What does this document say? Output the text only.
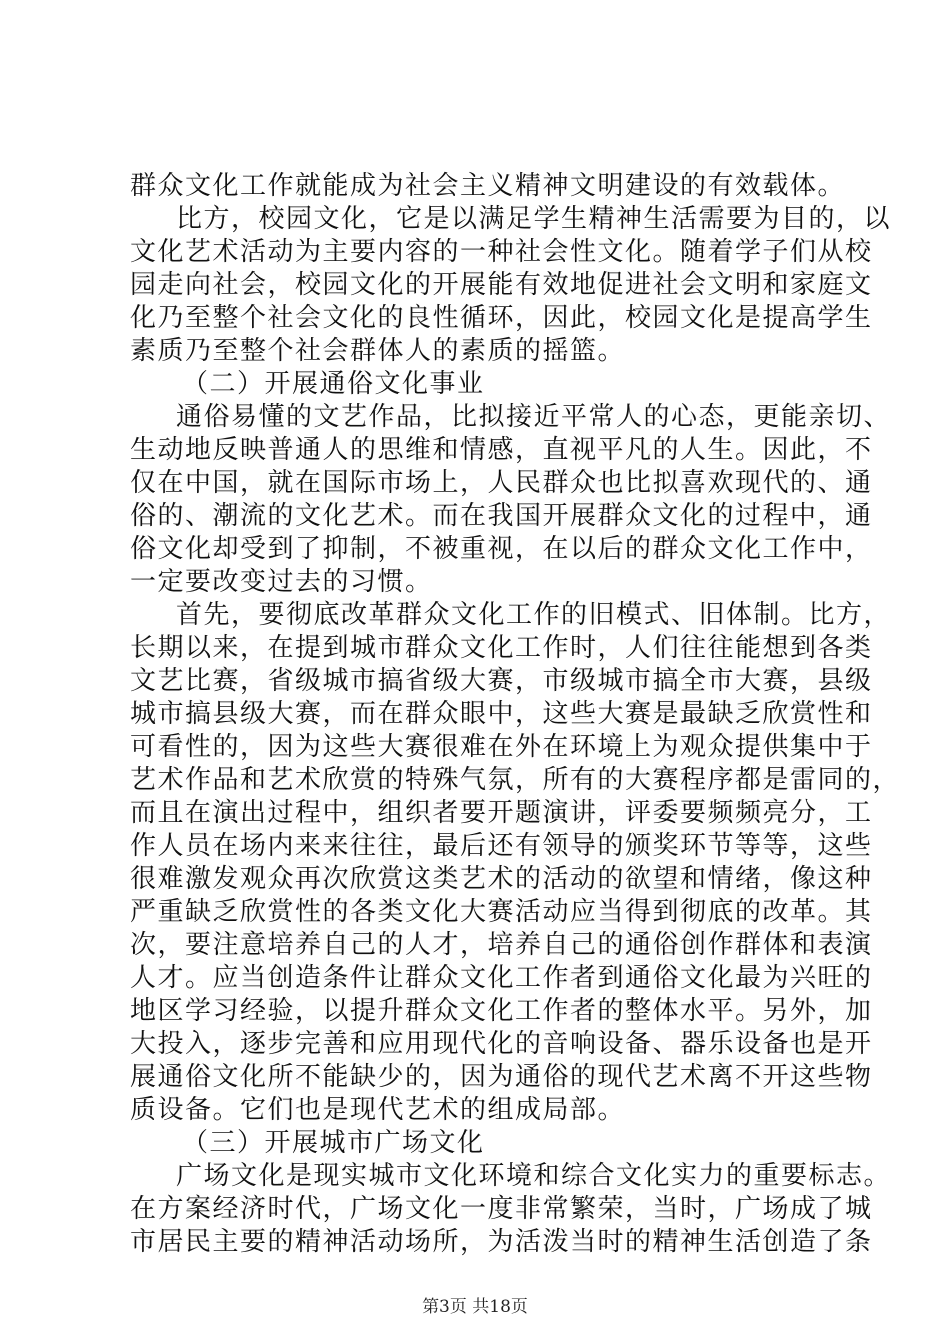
群众文化工作就能成为社会主义精神文明建设的有效载体。
比方，校园文化，它是以满足学生精神生活需要为目的，以
文化艺术活动为主要内容的一种社会性文化。随着学子们从校
园走向社会，校园文化的开展能有效地促进社会文明和家庭文
化乃至整个社会文化的良性循环，因此，校园文化是提高学生
素质乃至整个社会群体人的素质的摇篮。
（二）开展通俗文化事业
通俗易懂的文艺作品，比拟接近平常人的心态，更能亲切、
生动地反映普通人的思维和情感，直视平凡的人生。因此，不
仅在中国，就在国际市场上，人民群众也比拟喜欢现代的、通
俗的、潮流的文化艺术。而在我国开展群众文化的过程中，通
俗文化却受到了抑制，不被重视，在以后的群众文化工作中，
一定要改变过去的习惯。
首先，要彻底改革群众文化工作的旧模式、旧体制。比方，
长期以来，在提到城市群众文化工作时，人们往往能想到各类
文艺比赛，省级城市搞省级大赛，市级城市搞全市大赛，县级
城市搞县级大赛，而在群众眼中，这些大赛是最缺乏欣赏性和
可看性的，因为这些大赛很难在外在环境上为观众提供集中于
艺术作品和艺术欣赏的特殊气氛，所有的大赛程序都是雷同的，
而且在演出过程中，组织者要开题演讲，评委要频频亮分，工
作人员在场内来来往往，最后还有领导的颁奖环节等等，这些
很难激发观众再次欣赏这类艺术的活动的欲望和情绪，像这种
严重缺乏欣赏性的各类文化大赛活动应当得到彻底的改革。其
次，要注意培养自己的人才，培养自己的通俗创作群体和表演
人才。应当创造条件让群众文化工作者到通俗文化最为兴旺的
地区学习经验，以提升群众文化工作者的整体水平。另外，加
大投入，逐步完善和应用现代化的音响设备、器乐设备也是开
展通俗文化所不能缺少的，因为通俗的现代艺术离不开这些物
质设备。它们也是现代艺术的组成局部。
（三）开展城市广场文化
广场文化是现实城市文化环境和综合文化实力的重要标志。
在方案经济时代，广场文化一度非常繁荣，当时，广场成了城
市居民主要的精神活动场所，为活泼当时的精神生活创造了条
第3页 共18页
